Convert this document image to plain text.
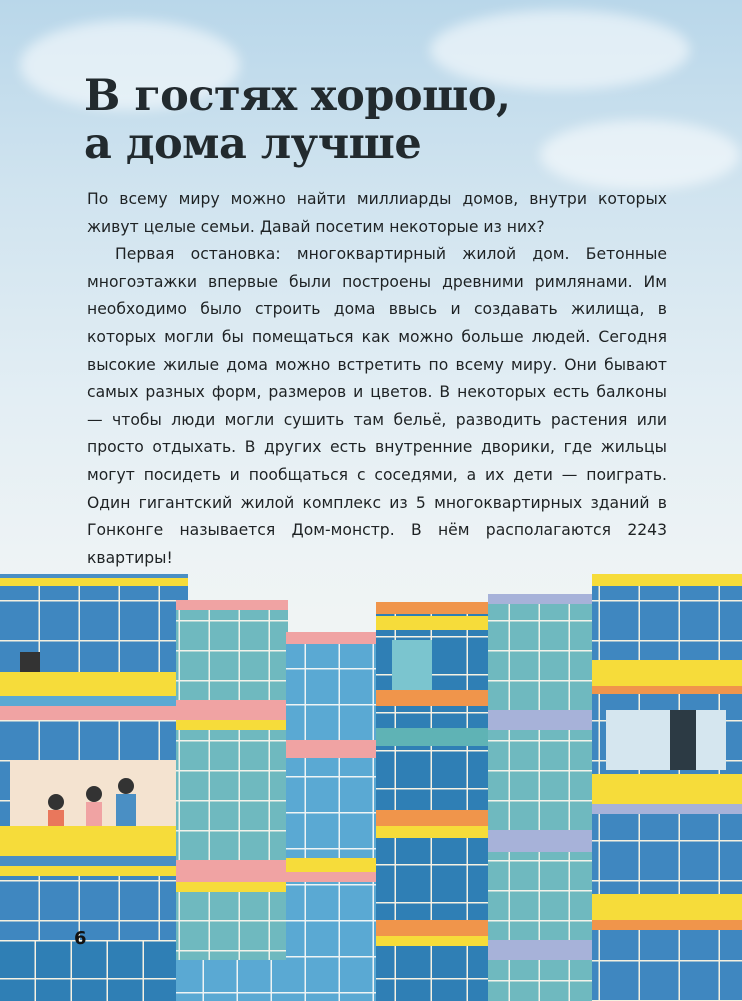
В гостях хорошо,
а дома лучше

По всему миру можно найти миллиарды домов, внутри которых живут целые семьи. Давай посетим некоторые из них?

Первая остановка: многоквартирный жилой дом. Бетонные многоэтажки впервые были построены древними римлянами. Им необходимо было строить дома ввысь и создавать жилища, в которых могли бы помещаться как можно больше людей. Сегодня высокие жилые дома можно встретить по всему миру. Они бывают самых разных форм, размеров и цветов. В некоторых есть балконы — чтобы люди могли сушить там бельё, разводить растения или просто отдыхать. В других есть внутренние дворики, где жильцы могут посидеть и пообщаться с соседями, а их дети — поиграть. Один гигантский жилой комплекс из 5 многоквартирных зданий в Гонконге называется Дом-монстр. В нём располагаются 2243 квартиры!

6
